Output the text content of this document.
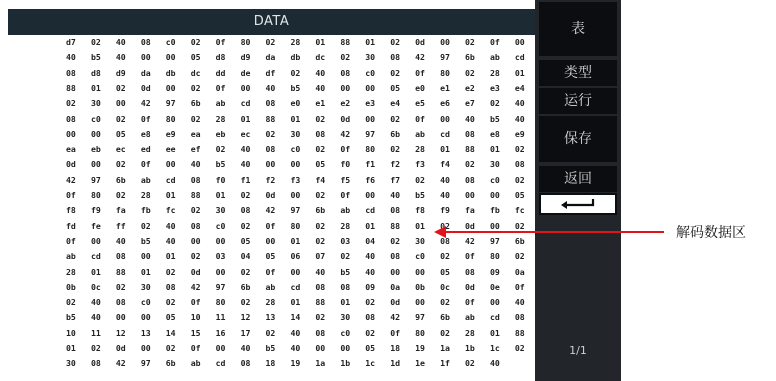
DATA
d7 02 40 08 c0 02 0f 80 02 28 01 88 01 02 0d 00 02 0f 00
40 b5 40 00 00 05 d8 d9 da db dc 02 30 08 42 97 6b ab cd
08 d8 d9 da db dc dd de df 02 40 08 c0 02 0f 80 02 28 01
88 01 02 0d 00 02 0f 00 40 b5 40 00 00 05 e0 e1 e2 e3 e4
02 30 00 42 97 6b ab cd 08 e0 e1 e2 e3 e4 e5 e6 e7 02 40
08 c0 02 0f 80 02 28 01 88 01 02 0d 00 02 0f 00 40 b5 40
00 00 05 e8 e9 ea eb ec 02 30 08 42 97 6b ab cd 08 e8 e9
ea eb ec ed ee ef 02 40 08 c0 02 0f 80 02 28 01 88 01 02
0d 00 02 0f 00 40 b5 40 00 00 05 f0 f1 f2 f3 f4 02 30 08
42 97 6b ab cd 08 f0 f1 f2 f3 f4 f5 f6 f7 02 40 08 c0 02
0f 80 02 28 01 88 01 02 0d 00 02 0f 00 40 b5 40 00 00 05
f8 f9 fa fb fc 02 30 08 42 97 6b ab cd 08 f8 f9 fa fb fc
fd fe ff 02 40 08 c0 02 0f 80 02 28 01 88 01 02 0d 00 02
0f 00 40 b5 40 00 00 05 00 01 02 03 04 02 30 08 42 97 6b
ab cd 08 00 01 02 03 04 05 06 07 02 40 08 c0 02 0f 80 02
28 01 88 01 02 0d 00 02 0f 00 40 b5 40 00 00 05 08 09 0a
0b 0c 02 30 08 42 97 6b ab cd 08 08 09 0a 0b 0c 0d 0e 0f
02 40 08 c0 02 0f 80 02 28 01 88 01 02 0d 00 02 0f 00 40
b5 40 00 00 05 10 11 12 13 14 02 30 08 42 97 6b ab cd 08
10 11 12 13 14 15 16 17 02 40 08 c0 02 0f 80 02 28 01 88
01 02 0d 00 02 0f 00 40 b5 40 00 00 05 18 19 1a 1b 1c 02
30 08 42 97 6b ab cd 08 18 19 1a 1b 1c 1d 1e 1f 02 40
表
类型
运行
保存
返回
1/1
解码数据区
